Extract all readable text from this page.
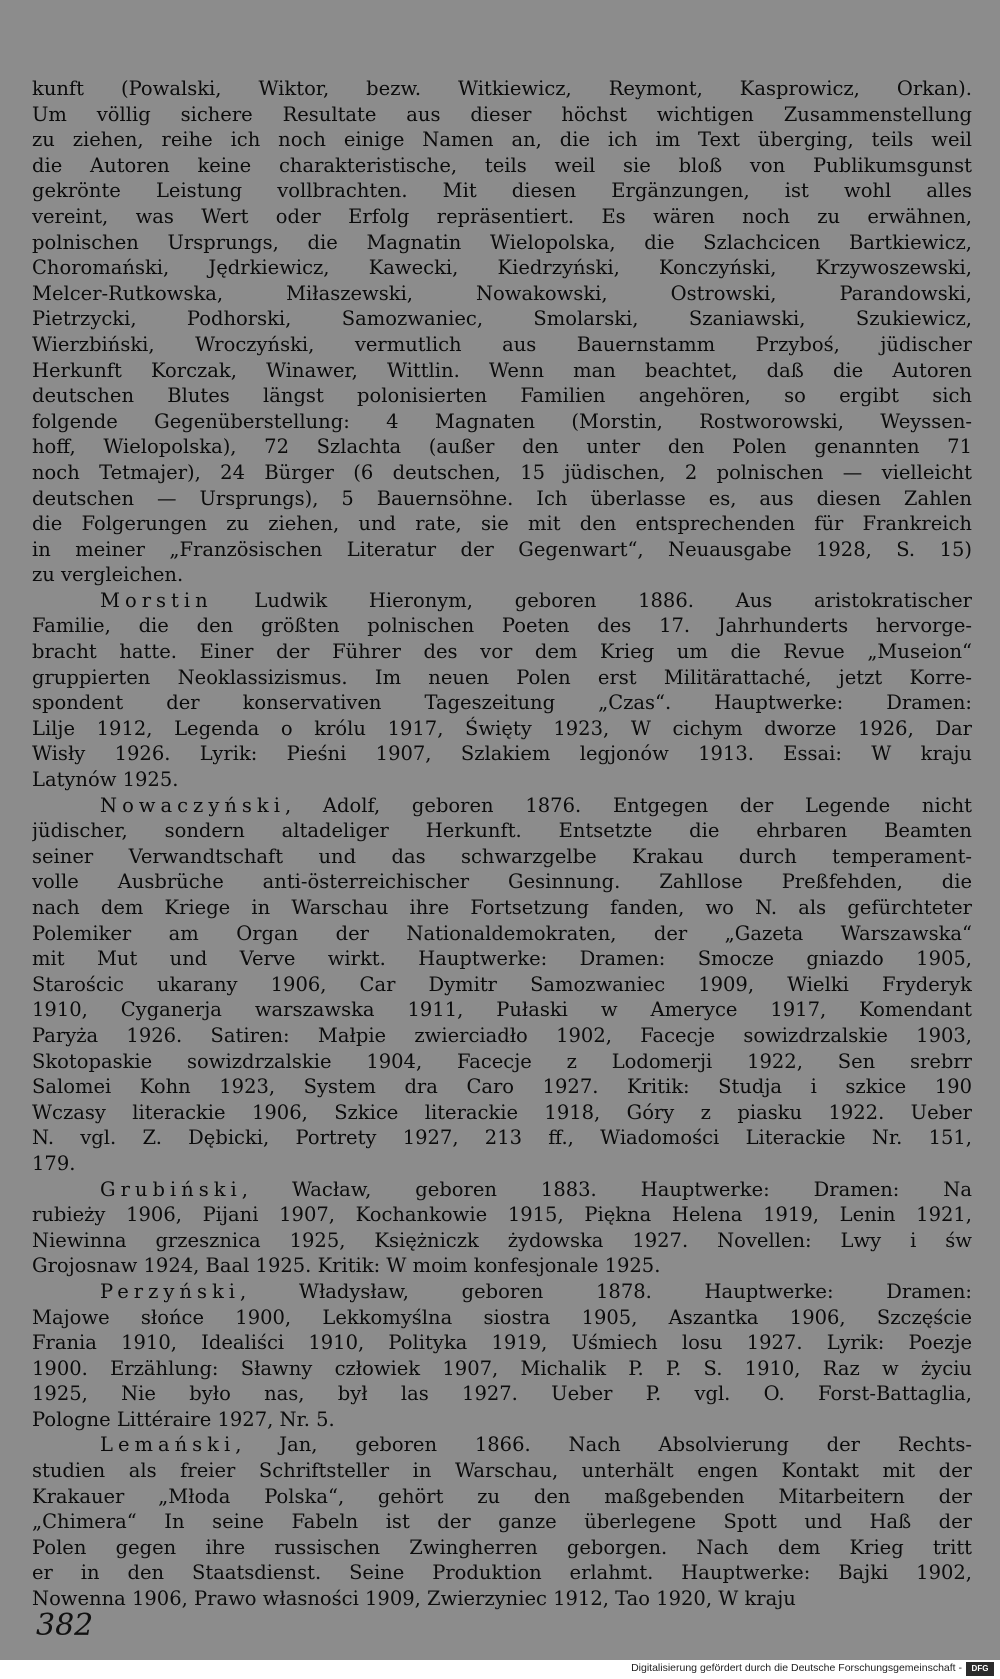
kunft (Powalski, Wiktor, bezw. Witkiewicz, Reymont, Kasprowicz, Orkan).
Um völlig sichere Resultate aus dieser höchst wichtigen Zusammenstellung
zu ziehen, reihe ich noch einige Namen an, die ich im Text überging, teils weil
die Autoren keine charakteristische, teils weil sie bloß von Publikumsgunst
gekrönte Leistung vollbrachten. Mit diesen Ergänzungen, ist wohl alles
vereint, was Wert oder Erfolg repräsentiert. Es wären noch zu erwähnen,
polnischen Ursprungs, die Magnatin Wielopolska, die Szlachcicen Bartkiewicz,
Choromański, Jędrkiewicz, Kawecki, Kiedrzyński, Konczyński, Krzywoszewski,
Melcer-Rutkowska, Miłaszewski, Nowakowski, Ostrowski, Parandowski,
Pietrzycki, Podhorski, Samozwaniec, Smolarski, Szaniawski, Szukiewicz,
Wierzbiński, Wroczyński, vermutlich aus Bauernstamm Przyboś, jüdischer
Herkunft Korczak, Winawer, Wittlin. Wenn man beachtet, daß die Autoren
deutschen Blutes längst polonisierten Familien angehören, so ergibt sich
folgende Gegenüberstellung: 4 Magnaten (Morstin, Rostworowski, Weyssen-
hoff, Wielopolska), 72 Szlachta (außer den unter den Polen genannten 71
noch Tetmajer), 24 Bürger (6 deutschen, 15 jüdischen, 2 polnischen — vielleicht
deutschen — Ursprungs), 5 Bauernsöhne. Ich überlasse es, aus diesen Zahlen
die Folgerungen zu ziehen, und rate, sie mit den entsprechenden für Frankreich
in meiner „Französischen Literatur der Gegenwart“, Neuausgabe 1928, S. 15)
zu vergleichen.
Morstin Ludwik Hieronym, geboren 1886. Aus aristokratischer
Familie, die den größten polnischen Poeten des 17. Jahrhunderts hervorge-
bracht hatte. Einer der Führer des vor dem Krieg um die Revue „Museion“
gruppierten Neoklassizismus. Im neuen Polen erst Militärattaché, jetzt Korre-
spondent der konservativen Tageszeitung „Czas“. Hauptwerke: Dramen:
Lilje 1912, Legenda o królu 1917, Święty 1923, W cichym dworze 1926, Dar
Wisły 1926. Lyrik: Pieśni 1907, Szlakiem legjonów 1913. Essai: W kraju
Latynów 1925.
Nowaczyński, Adolf, geboren 1876. Entgegen der Legende nicht
jüdischer, sondern altadeliger Herkunft. Entsetzte die ehrbaren Beamten
seiner Verwandtschaft und das schwarzgelbe Krakau durch temperament-
volle Ausbrüche anti-österreichischer Gesinnung. Zahllose Preßfehden, die
nach dem Kriege in Warschau ihre Fortsetzung fanden, wo N. als gefürchteter
Polemiker am Organ der Nationaldemokraten, der „Gazeta Warszawska“
mit Mut und Verve wirkt. Hauptwerke: Dramen: Smocze gniazdo 1905,
Starościc ukarany 1906, Car Dymitr Samozwaniec 1909, Wielki Fryderyk
1910, Cyganerja warszawska 1911, Pułaski w Ameryce 1917, Komendant
Paryża 1926. Satiren: Małpie zwierciadło 1902, Facecje sowizdrzalskie 1903,
Skotopaskie sowizdrzalskie 1904, Facecje z Lodomerji 1922, Sen srebrr
Salomei Kohn 1923, System dra Caro 1927. Kritik: Studja i szkice 190
Wczasy literackie 1906, Szkice literackie 1918, Góry z piasku 1922. Ueber
N. vgl. Z. Dębicki, Portrety 1927, 213 ff., Wiadomości Literackie Nr. 151,
179.
Grubiński, Wacław, geboren 1883. Hauptwerke: Dramen: Na
rubieży 1906, Pijani 1907, Kochankowie 1915, Piękna Helena 1919, Lenin 1921,
Niewinna grzesznica 1925, Księżniczk żydowska 1927. Novellen: Lwy i św
Grojosnaw 1924, Baal 1925. Kritik: W moim konfesjonale 1925.
Perzyński, Władysław, geboren 1878. Hauptwerke: Dramen:
Majowe słońce 1900, Lekkomyślna siostra 1905, Aszantka 1906, Szczęście
Frania 1910, Idealiści 1910, Polityka 1919, Uśmiech losu 1927. Lyrik: Poezje
1900. Erzählung: Sławny człowiek 1907, Michalik P. P. S. 1910, Raz w życiu
1925, Nie było nas, był las 1927. Ueber P. vgl. O. Forst-Battaglia,
Pologne Littéraire 1927, Nr. 5.
Lemański, Jan, geboren 1866. Nach Absolvierung der Rechts-
studien als freier Schriftsteller in Warschau, unterhält engen Kontakt mit der
Krakauer „Młoda Polska“, gehört zu den maßgebenden Mitarbeitern der
„Chimera“ In seine Fabeln ist der ganze überlegene Spott und Haß der
Polen gegen ihre russischen Zwingherren geborgen. Nach dem Krieg tritt
er in den Staatsdienst. Seine Produktion erlahmt. Hauptwerke: Bajki 1902,
Nowenna 1906, Prawo własności 1909, Zwierzyniec 1912, Tao 1920, W kraju
382
Digitalisierung gefördert durch die Deutsche Forschungsgemeinschaft -	DFG
